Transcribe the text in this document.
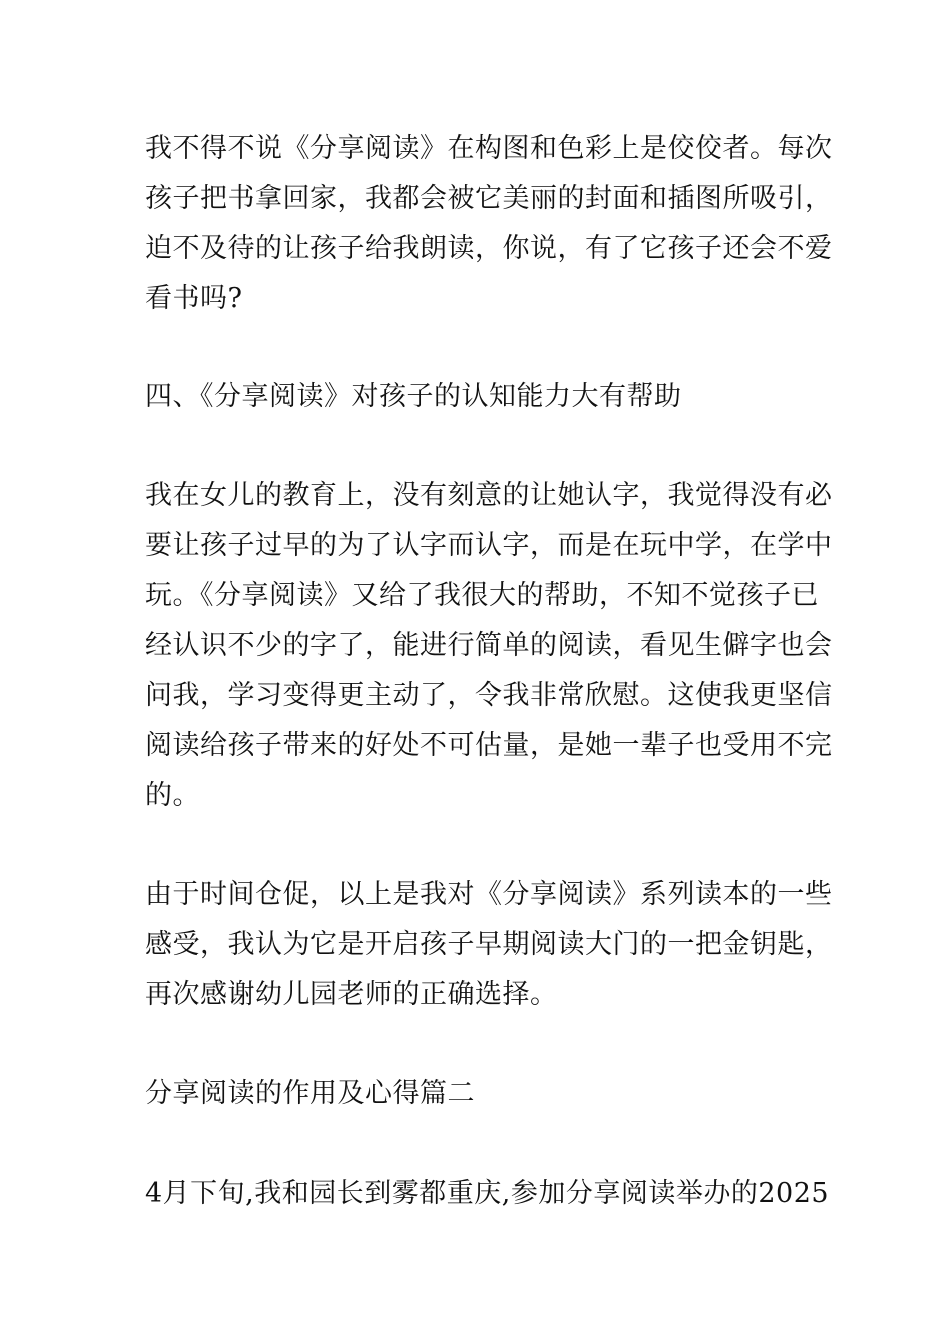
我不得不说《分享阅读》在构图和色彩上是佼佼者。每次
孩子把书拿回家，我都会被它美丽的封面和插图所吸引，
迫不及待的让孩子给我朗读，你说，有了它孩子还会不爱
看书吗?
四、《分享阅读》对孩子的认知能力大有帮助
我在女儿的教育上，没有刻意的让她认字，我觉得没有必
要让孩子过早的为了认字而认字，而是在玩中学，在学中
玩。《分享阅读》又给了我很大的帮助，不知不觉孩子已
经认识不少的字了，能进行简单的阅读，看见生僻字也会
问我，学习变得更主动了，令我非常欣慰。这使我更坚信
阅读给孩子带来的好处不可估量，是她一辈子也受用不完
的。
由于时间仓促，以上是我对《分享阅读》系列读本的一些
感受，我认为它是开启孩子早期阅读大门的一把金钥匙，
再次感谢幼儿园老师的正确选择。
分享阅读的作用及心得篇二
4月下旬,我和园长到雾都重庆,参加分享阅读举办的2025
